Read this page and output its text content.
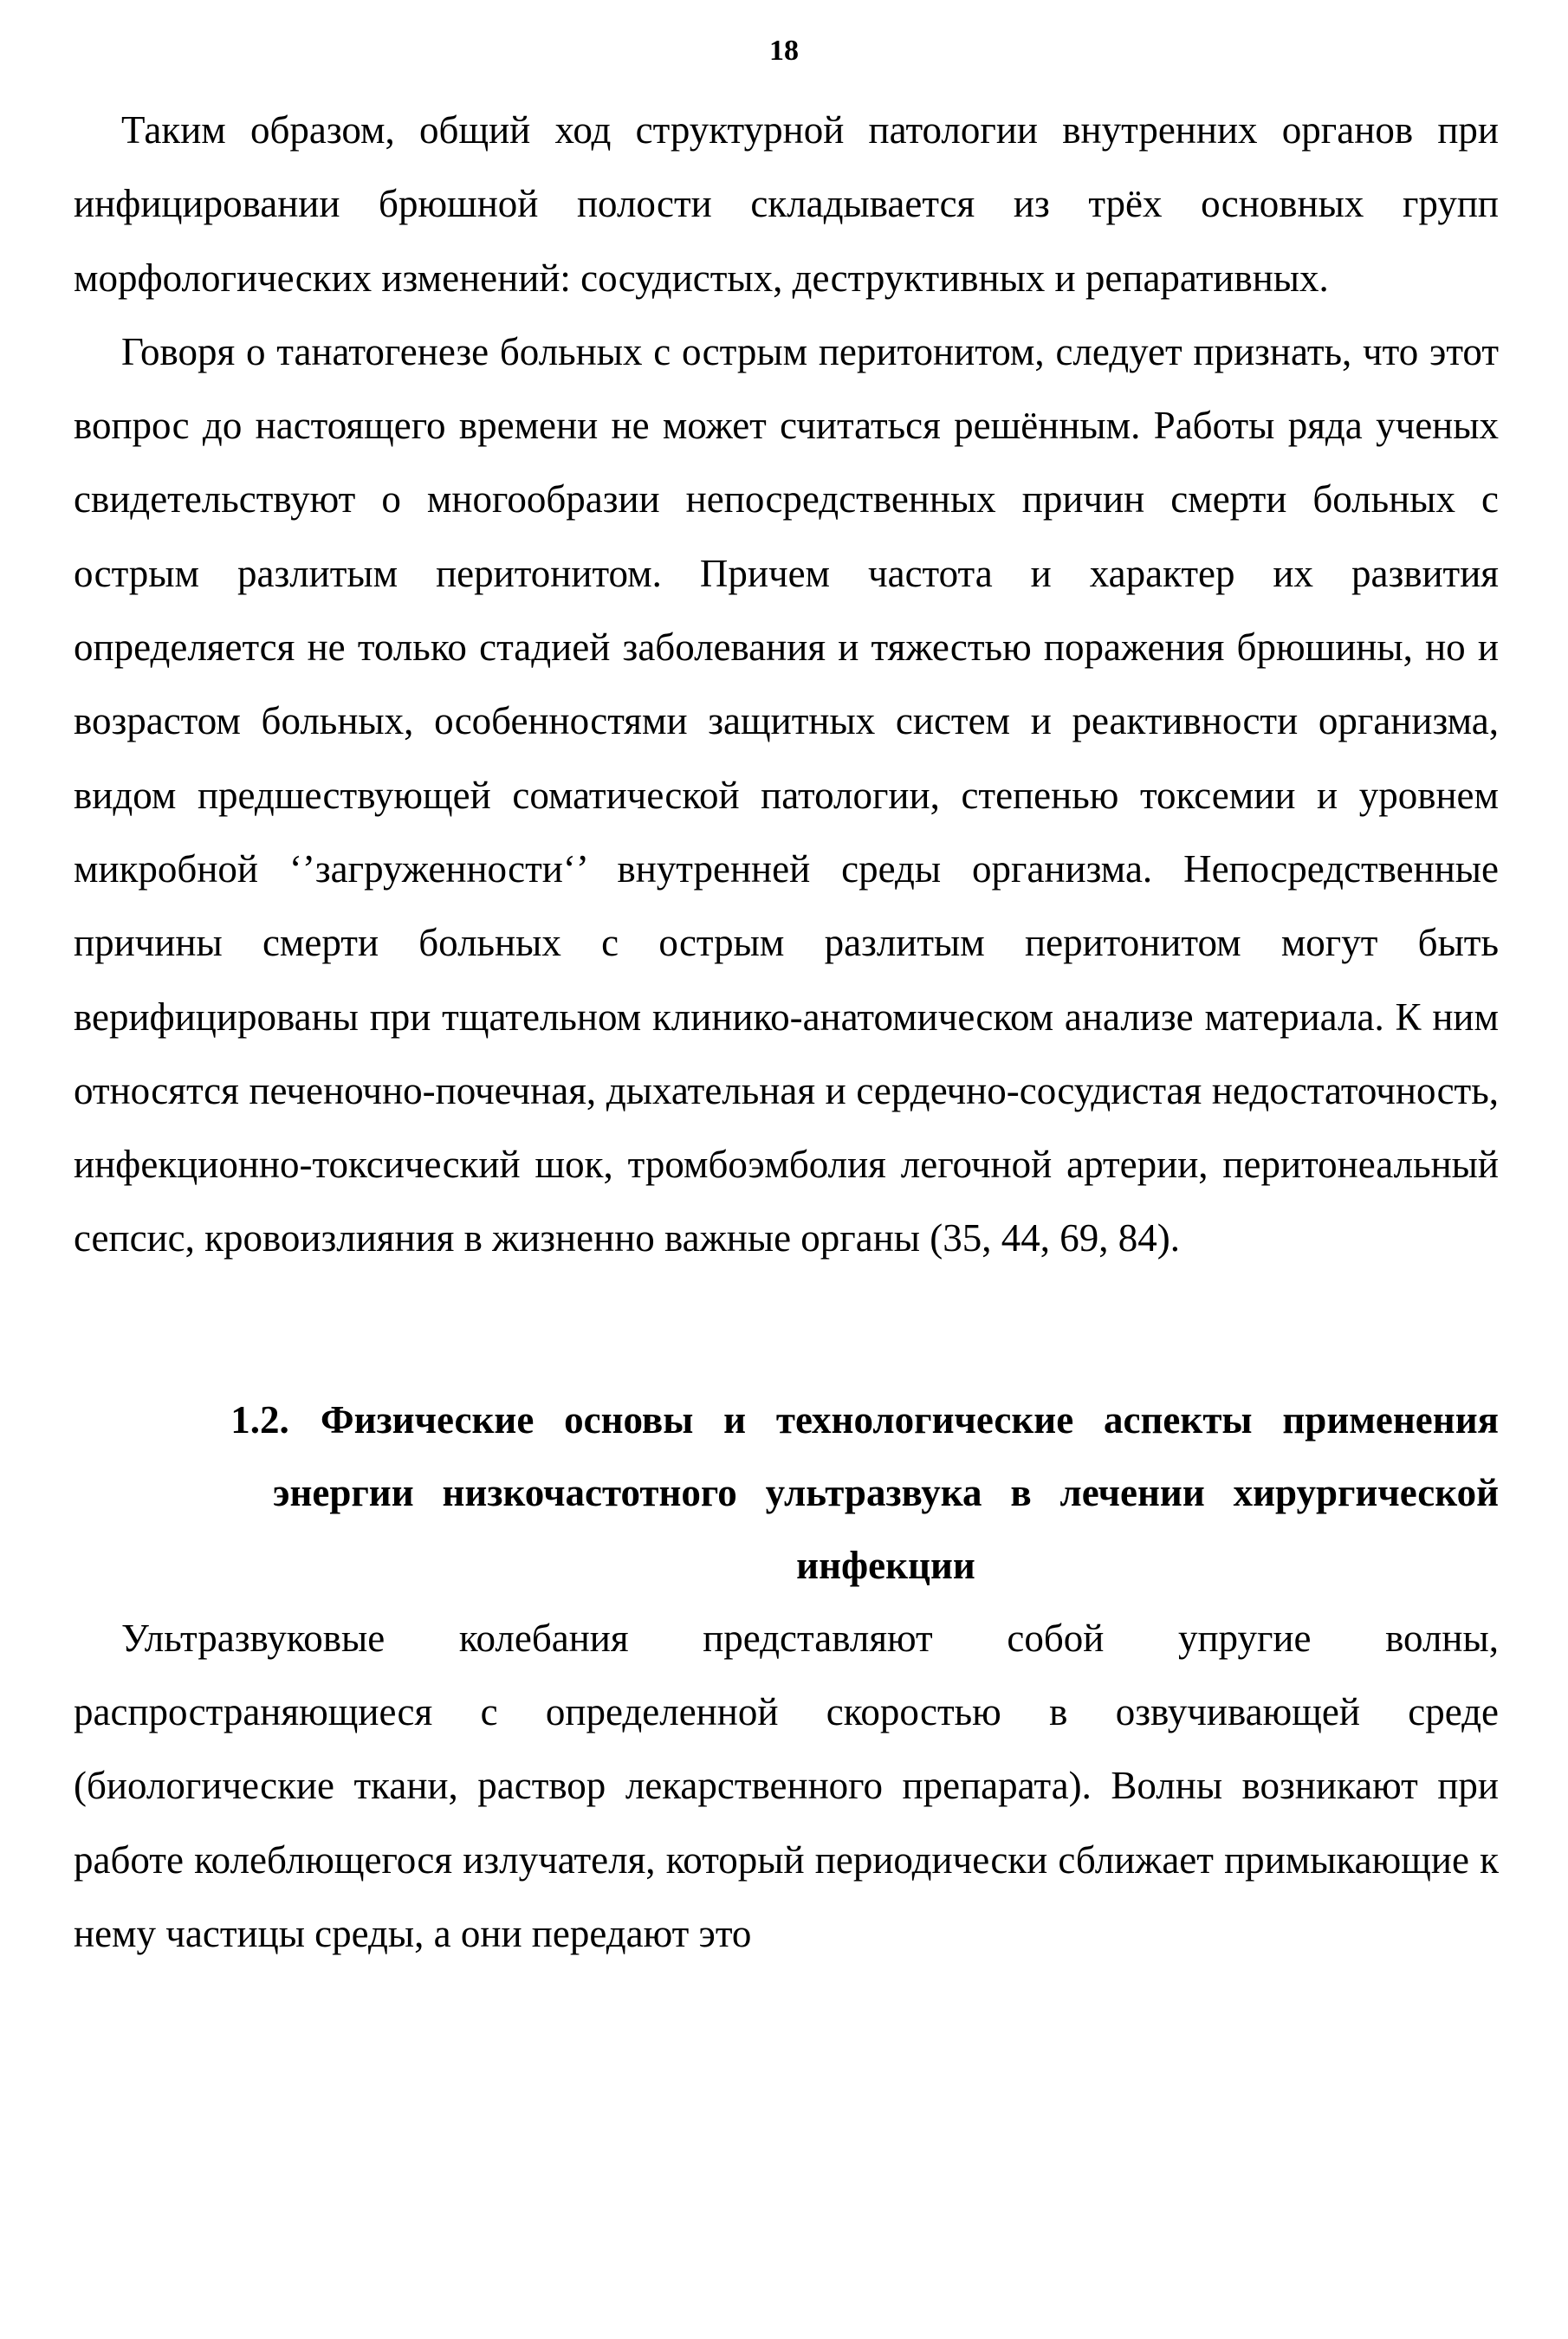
18

Таким образом, общий ход структурной патологии внутренних органов при инфицировании брюшной полости складывается из трёх основных групп морфологических изменений: сосудистых, деструктивных и репаративных.

Говоря о танатогенезе больных с острым перитонитом, следует признать, что этот вопрос до настоящего времени не может считаться решённым. Работы ряда ученых свидетельствуют о многообразии непосредственных причин смерти больных с острым разлитым перитонитом. Причем частота и характер их развития определяется не только стадией заболевания и тяжестью поражения брюшины, но и возрастом больных, особенностями защитных систем и реактивности организма, видом предшествующей соматической патологии, степенью токсемии и уровнем микробной ‘’загруженности‘’ внутренней среды организма. Непосредственные причины смерти больных с острым разлитым перитонитом могут быть верифицированы при тщательном клинико-анатомическом анализе материала. К ним относятся печеночно-почечная, дыхательная и сердечно-сосудистая недостаточность, инфекционно-токсический шок, тромбоэмболия легочной артерии, перитонеальный сепсис, кровоизлияния в жизненно важные органы (35, 44, 69, 84).

1.2. Физические основы и технологические аспекты применения энергии низкочастотного ультразвука в лечении хирургической инфекции

Ультразвуковые колебания представляют собой упругие волны, распространяющиеся с определенной скоростью в озвучивающей среде (биологические ткани, раствор лекарственного препарата). Волны возникают при работе колеблющегося излучателя, который периодически сближает примыкающие к нему частицы среды, а они передают это
